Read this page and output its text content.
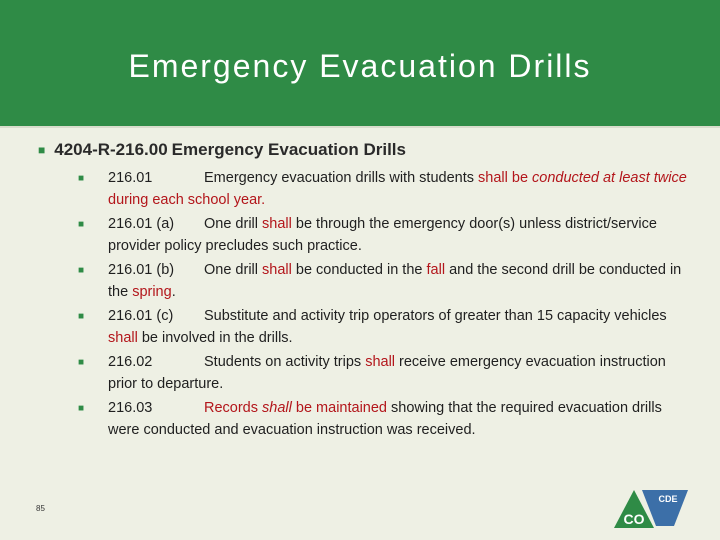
Emergency Evacuation Drills
■ 4204-R-216.00 Emergency Evacuation Drills
■ 216.01	Emergency evacuation drills with students shall be conducted at least twice during each school year.
■ 216.01 (a) One drill shall be through the emergency door(s) unless district/service provider policy precludes such practice.
■ 216.01 (b) One drill shall be conducted in the fall and the second drill be conducted in the spring.
■ 216.01 (c) Substitute and activity trip operators of greater than 15 capacity vehicles shall be involved in the drills.
■ 216.02	Students on activity trips shall receive emergency evacuation instruction prior to departure.
■ 216.03	Records shall be maintained showing that the required evacuation drills were conducted and evacuation instruction was received.
85
CDE
CO
